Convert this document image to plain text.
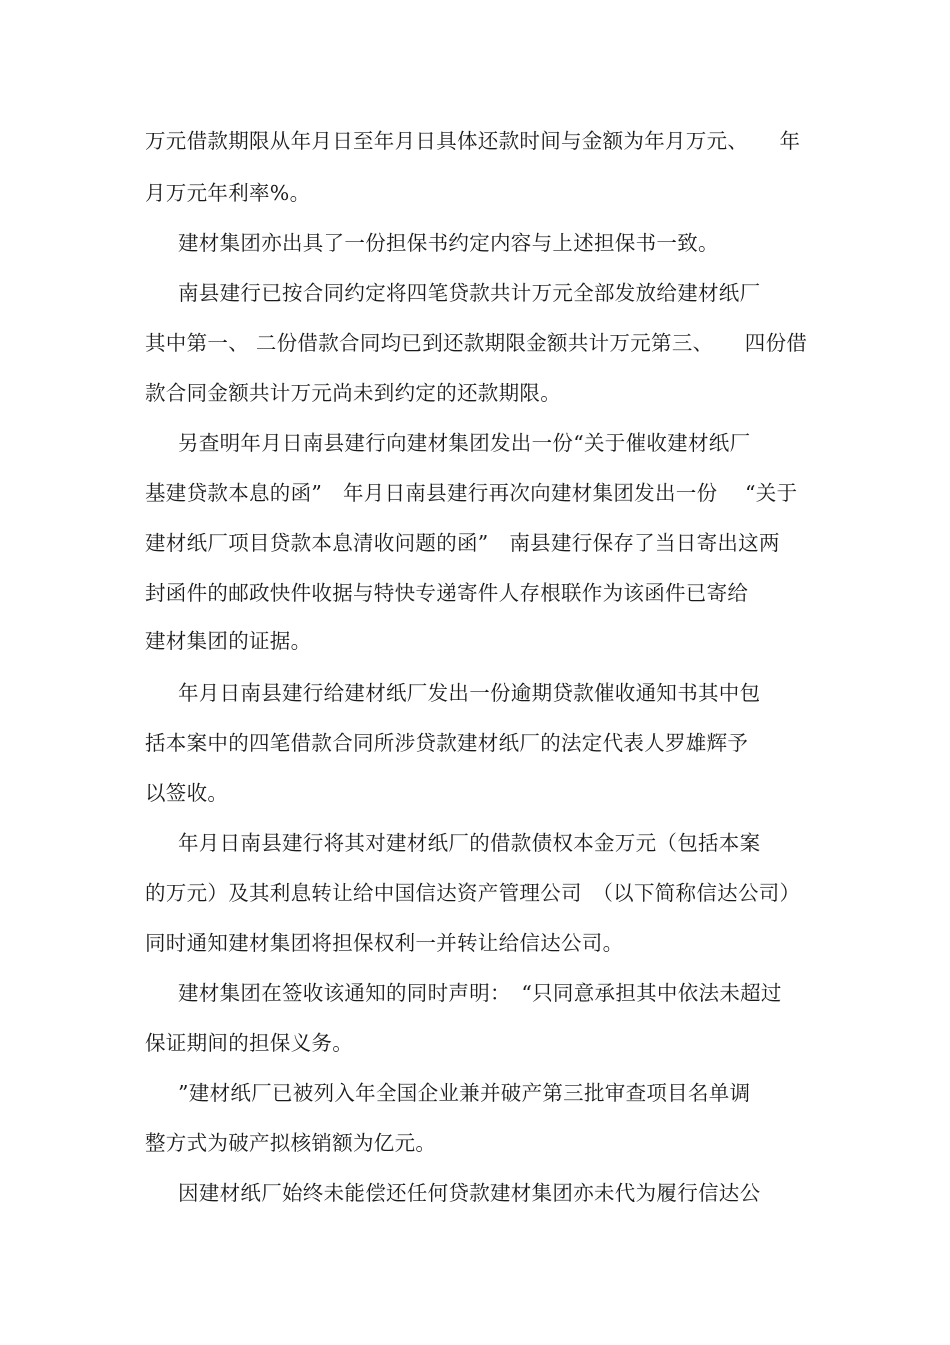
万元借款期限从年月日至年月日具体还款时间与金额为年月万元、　　年
月万元年利率%。
建材集团亦出具了一份担保书约定内容与上述担保书一致。
南县建行已按合同约定将四笔贷款共计万元全部发放给建材纸厂
其中第一、 二份借款合同均已到还款期限金额共计万元第三、　　四份借
款合同金额共计万元尚未到约定的还款期限。
另查明年月日南县建行向建材集团发出一份“关于催收建材纸厂
基建贷款本息的函”　年月日南县建行再次向建材集团发出一份　 “关于
建材纸厂项目贷款本息清收问题的函”　南县建行保存了当日寄出这两
封函件的邮政快件收据与特快专递寄件人存根联作为该函件已寄给
建材集团的证据。
年月日南县建行给建材纸厂发出一份逾期贷款催收通知书其中包
括本案中的四笔借款合同所涉贷款建材纸厂的法定代表人罗雄辉予
以签收。
年月日南县建行将其对建材纸厂的借款债权本金万元（包括本案
的万元）及其利息转让给中国信达资产管理公司　（以下简称信达公司）
同时通知建材集团将担保权利一并转让给信达公司。
建材集团在签收该通知的同时声明：　“只同意承担其中依法未超过
保证期间的担保义务。
”建材纸厂已被列入年全国企业兼并破产第三批审查项目名单调
整方式为破产拟核销额为亿元。
因建材纸厂始终未能偿还任何贷款建材集团亦未代为履行信达公
